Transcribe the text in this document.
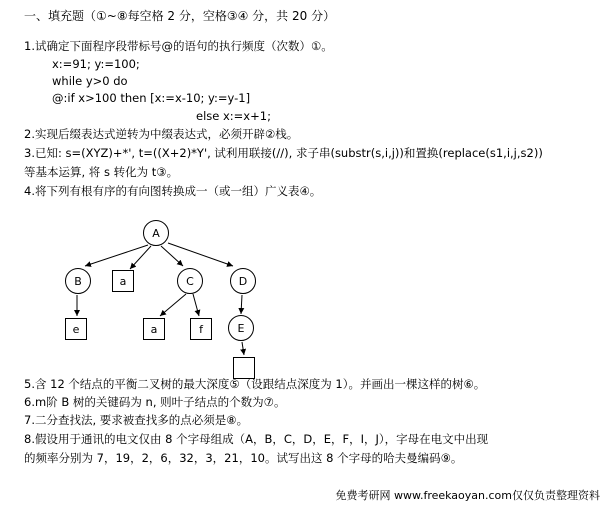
一、填充题（①~⑧每空格 2 分，空格③④ 分，共 20 分）
1.试确定下面程序段带标号@的语句的执行频度（次数）①。
x:=91; y:=100;
while y>0 do
@:if x>100 then [x:=x-10; y:=y-1]
else x:=x+1;
2.实现后缀表达式逆转为中缀表达式，必须开辟②栈。
3.已知: s=(XYZ)+*', t=((X+2)*Y', 试利用联接(//), 求子串(substr(s,i,j))和置换(replace(s1,i,j,s2))
等基本运算, 将 s 转化为 t③。
4.将下列有根有序的有向图转换成一（或一组）广义表④。
A
B	a	C	D
e	a	f	E
5.含 12 个结点的平衡二叉树的最大深度⑤（设跟结点深度为 1）。并画出一棵这样的树⑥。
6.m阶 B 树的关键码为 n, 则叶子结点的个数为⑦。
7.二分查找法, 要求被查找多的点必须是⑧。
8.假设用于通讯的电文仅由 8 个字母组成（A，B，C，D，E，F，I，J），字母在电文中出现
的频率分别为 7，19，2，6，32，3，21，10。试写出这 8 个字母的哈夫曼编码⑨。
免费考研网 www.freekaoyan.com仅仅负责整理资料
